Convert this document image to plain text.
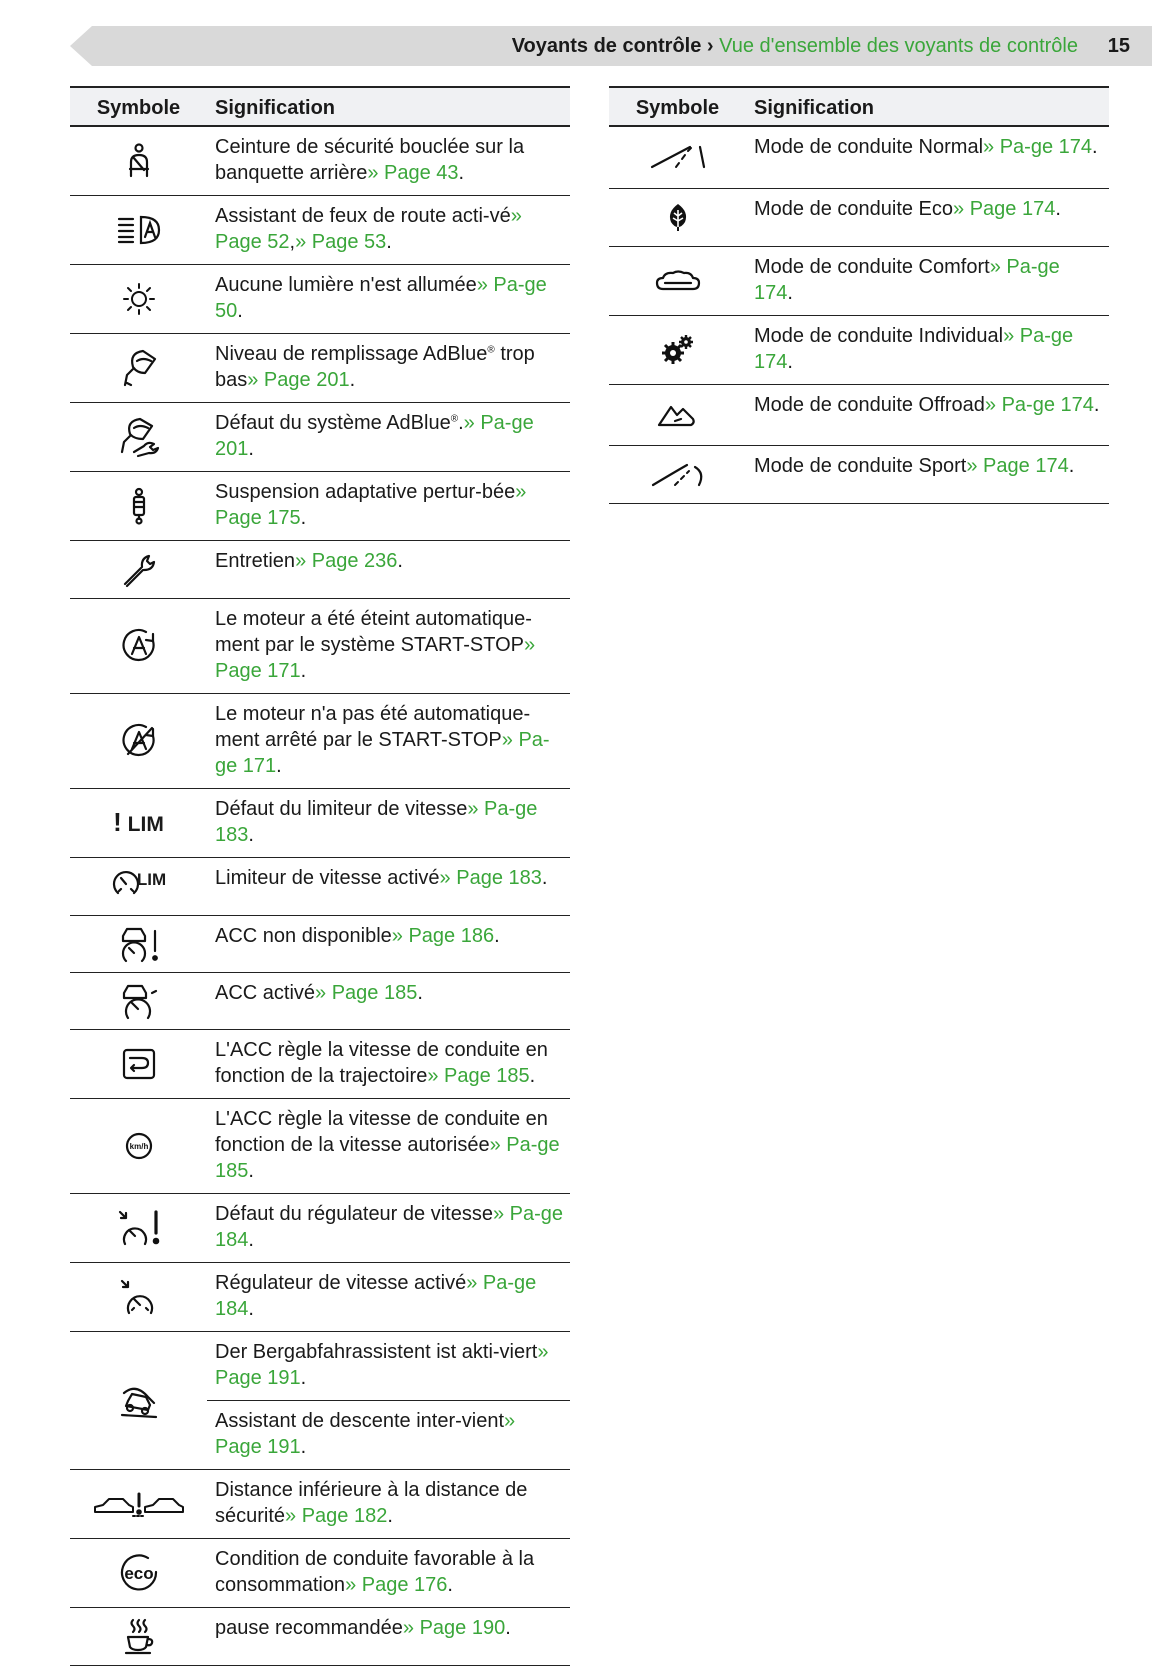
Voyants de contrôle › Vue d'ensemble des voyants de contrôle 15
Symbole	Signification
	Ceinture de sécurité bouclée sur la banquette arrière» Page 43.
	Assistant de feux de route acti-vé» Page 52,» Page 53.
	Aucune lumière n'est allumée» Pa-ge 50.
	Niveau de remplissage AdBlue® trop bas» Page 201.
	Défaut du système AdBlue®.» Pa-ge 201.
	Suspension adaptative pertur-bée» Page 175.
	Entretien» Page 236.
	Le moteur a été éteint automatique-ment par le système START-STOP» Page 171.
	Le moteur n'a pas été automatique-ment arrêté par le START-STOP» Pa-ge 171.
! LIM	Défaut du limiteur de vitesse» Pa-ge 183.

LIM	Limiteur de vitesse activé» Page 183.
	ACC non disponible» Page 186.
	ACC activé» Page 185.
	L'ACC règle la vitesse de conduite en fonction de la trajectoire» Page 185.

km/h	L'ACC règle la vitesse de conduite en fonction de la vitesse autorisée» Pa-ge 185.
	Défaut du régulateur de vitesse» Pa-ge 184.
	Régulateur de vitesse activé» Pa-ge 184.
	Der Bergabfahrassistent ist akti-viert» Page 191.
	Assistant de descente inter-vient» Page 191.
	Distance inférieure à la distance de sécurité» Page 182.

eco	Condition de conduite favorable à la consommation» Page 176.
	pause recommandée» Page 190.
Symbole	Signification
	Mode de conduite Normal» Pa-ge 174.
	Mode de conduite Eco» Page 174.
	Mode de conduite Comfort» Pa-ge 174.
	Mode de conduite Individual» Pa-ge 174.
	Mode de conduite Offroad» Pa-ge 174.
	Mode de conduite Sport» Page 174.
